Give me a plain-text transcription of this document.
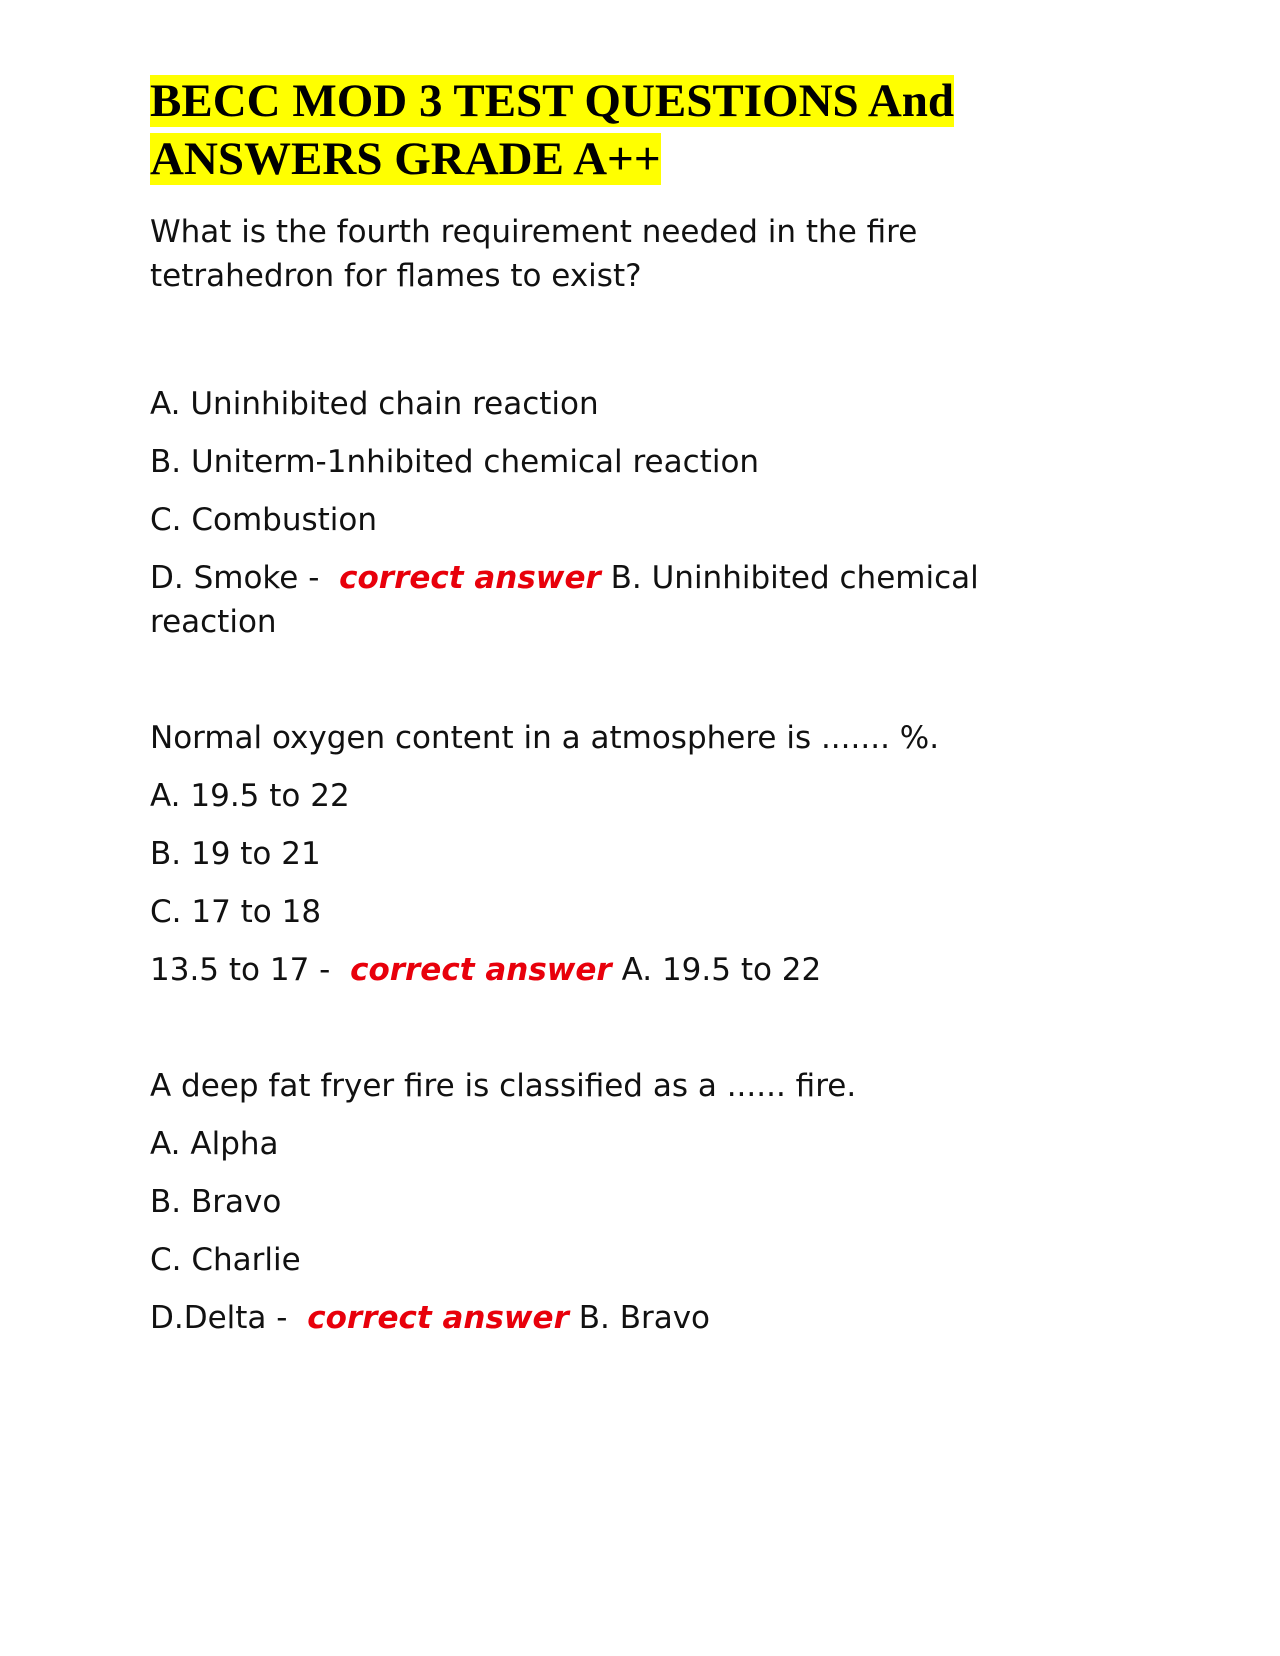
BECC MOD 3 TEST QUESTIONS And
ANSWERS GRADE A++

What is the fourth requirement needed in the fire tetrahedron for flames to exist?

A. Uninhibited chain reaction

B. Uniterm-1nhibited chemical reaction

C. Combustion

D. Smoke - correct answer B. Uninhibited chemical reaction

Normal oxygen content in a atmosphere is ....... %.

A. 19.5 to 22

B. 19 to 21

C. 17 to 18

13.5 to 17 - correct answer A. 19.5 to 22

A deep fat fryer fire is classified as a ...... fire.

A. Alpha

B. Bravo

C. Charlie

D.Delta - correct answer B. Bravo
